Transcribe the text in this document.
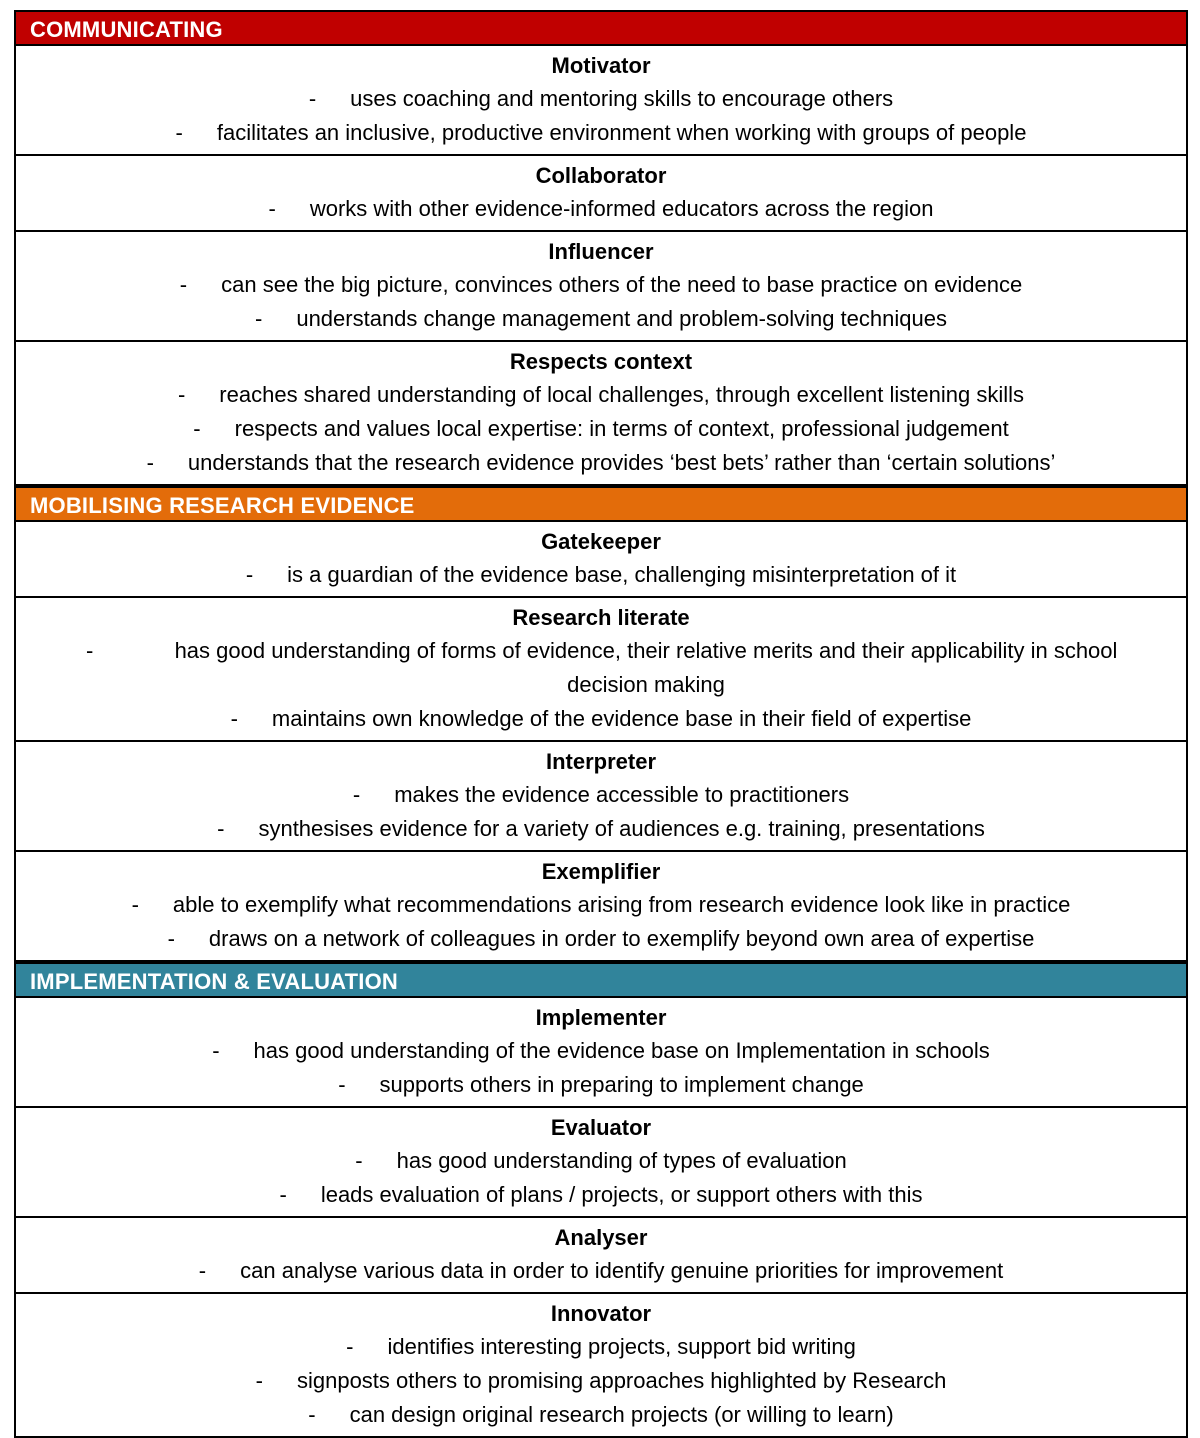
COMMUNICATING
Motivator
- uses coaching and mentoring skills to encourage others
- facilitates an inclusive, productive environment when working with groups of people
Collaborator
- works with other evidence-informed educators across the region
Influencer
- can see the big picture, convinces others of the need to base practice on evidence
- understands change management and problem-solving techniques
Respects context
- reaches shared understanding of local challenges, through excellent listening skills
- respects and values local expertise: in terms of context, professional judgement
- understands that the research evidence provides ‘best bets’ rather than ‘certain solutions’
MOBILISING RESEARCH EVIDENCE
Gatekeeper
- is a guardian of the evidence base, challenging misinterpretation of it
Research literate
-	has good understanding of forms of evidence, their relative merits and their applicability in school decision making
- maintains own knowledge of the evidence base in their field of expertise
Interpreter
- makes the evidence accessible to practitioners
- synthesises evidence for a variety of audiences e.g. training, presentations
Exemplifier
- able to exemplify what recommendations arising from research evidence look like in practice
- draws on a network of colleagues in order to exemplify beyond own area of expertise
IMPLEMENTATION & EVALUATION
Implementer
- has good understanding of the evidence base on Implementation in schools
- supports others in preparing to implement change
Evaluator
- has good understanding of types of evaluation
- leads evaluation of plans / projects, or support others with this
Analyser
- can analyse various data in order to identify genuine priorities for improvement
Innovator
- identifies interesting projects, support bid writing
- signposts others to promising approaches highlighted by Research
- can design original research projects (or willing to learn)
